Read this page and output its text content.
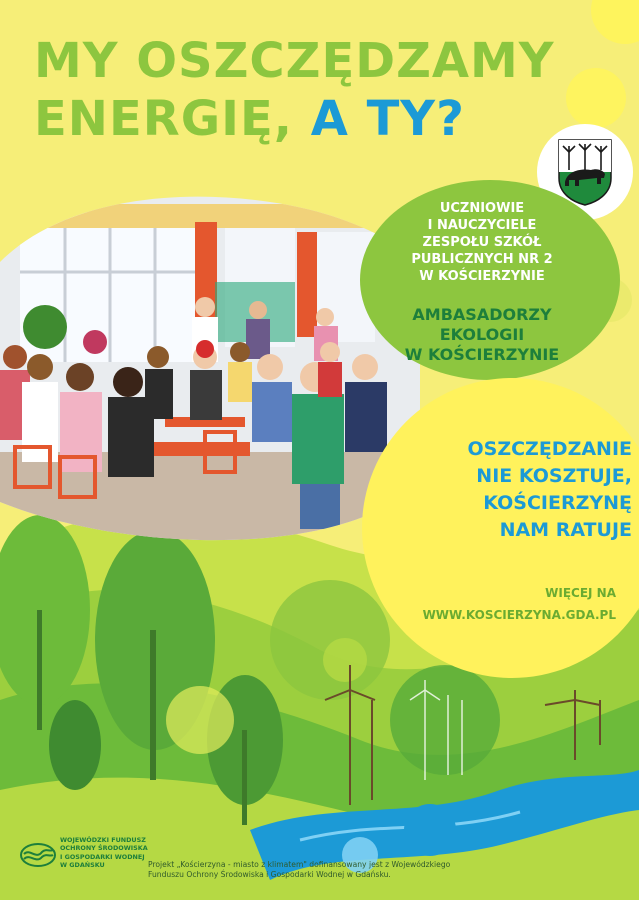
MY OSZCZĘDZAMY
ENERGIĘ, A TY?

UCZNIOWIE
I NAUCZYCIELE
ZESPOŁU SZKÓŁ
PUBLICZNYCH NR 2
W KOŚCIERZYNIE

AMBASADORZY
EKOLOGII
W KOŚCIERZYNIE

OSZCZĘDZANIE
NIE KOSZTUJE,
KOŚCIERZYNĘ
NAM RATUJE

WIĘCEJ NA
WWW.KOSCIERZYNA.GDA.PL

WOJEWÓDZKI FUNDUSZ
OCHRONY ŚRODOWISKA
I GOSPODARKI WODNEJ
W GDAŃSKU	Projekt „Kościerzyna - miasto z klimatem" dofinansowany jest z Wojewódzkiego Funduszu Ochrony Środowiska i Gospodarki Wodnej w Gdańsku.
